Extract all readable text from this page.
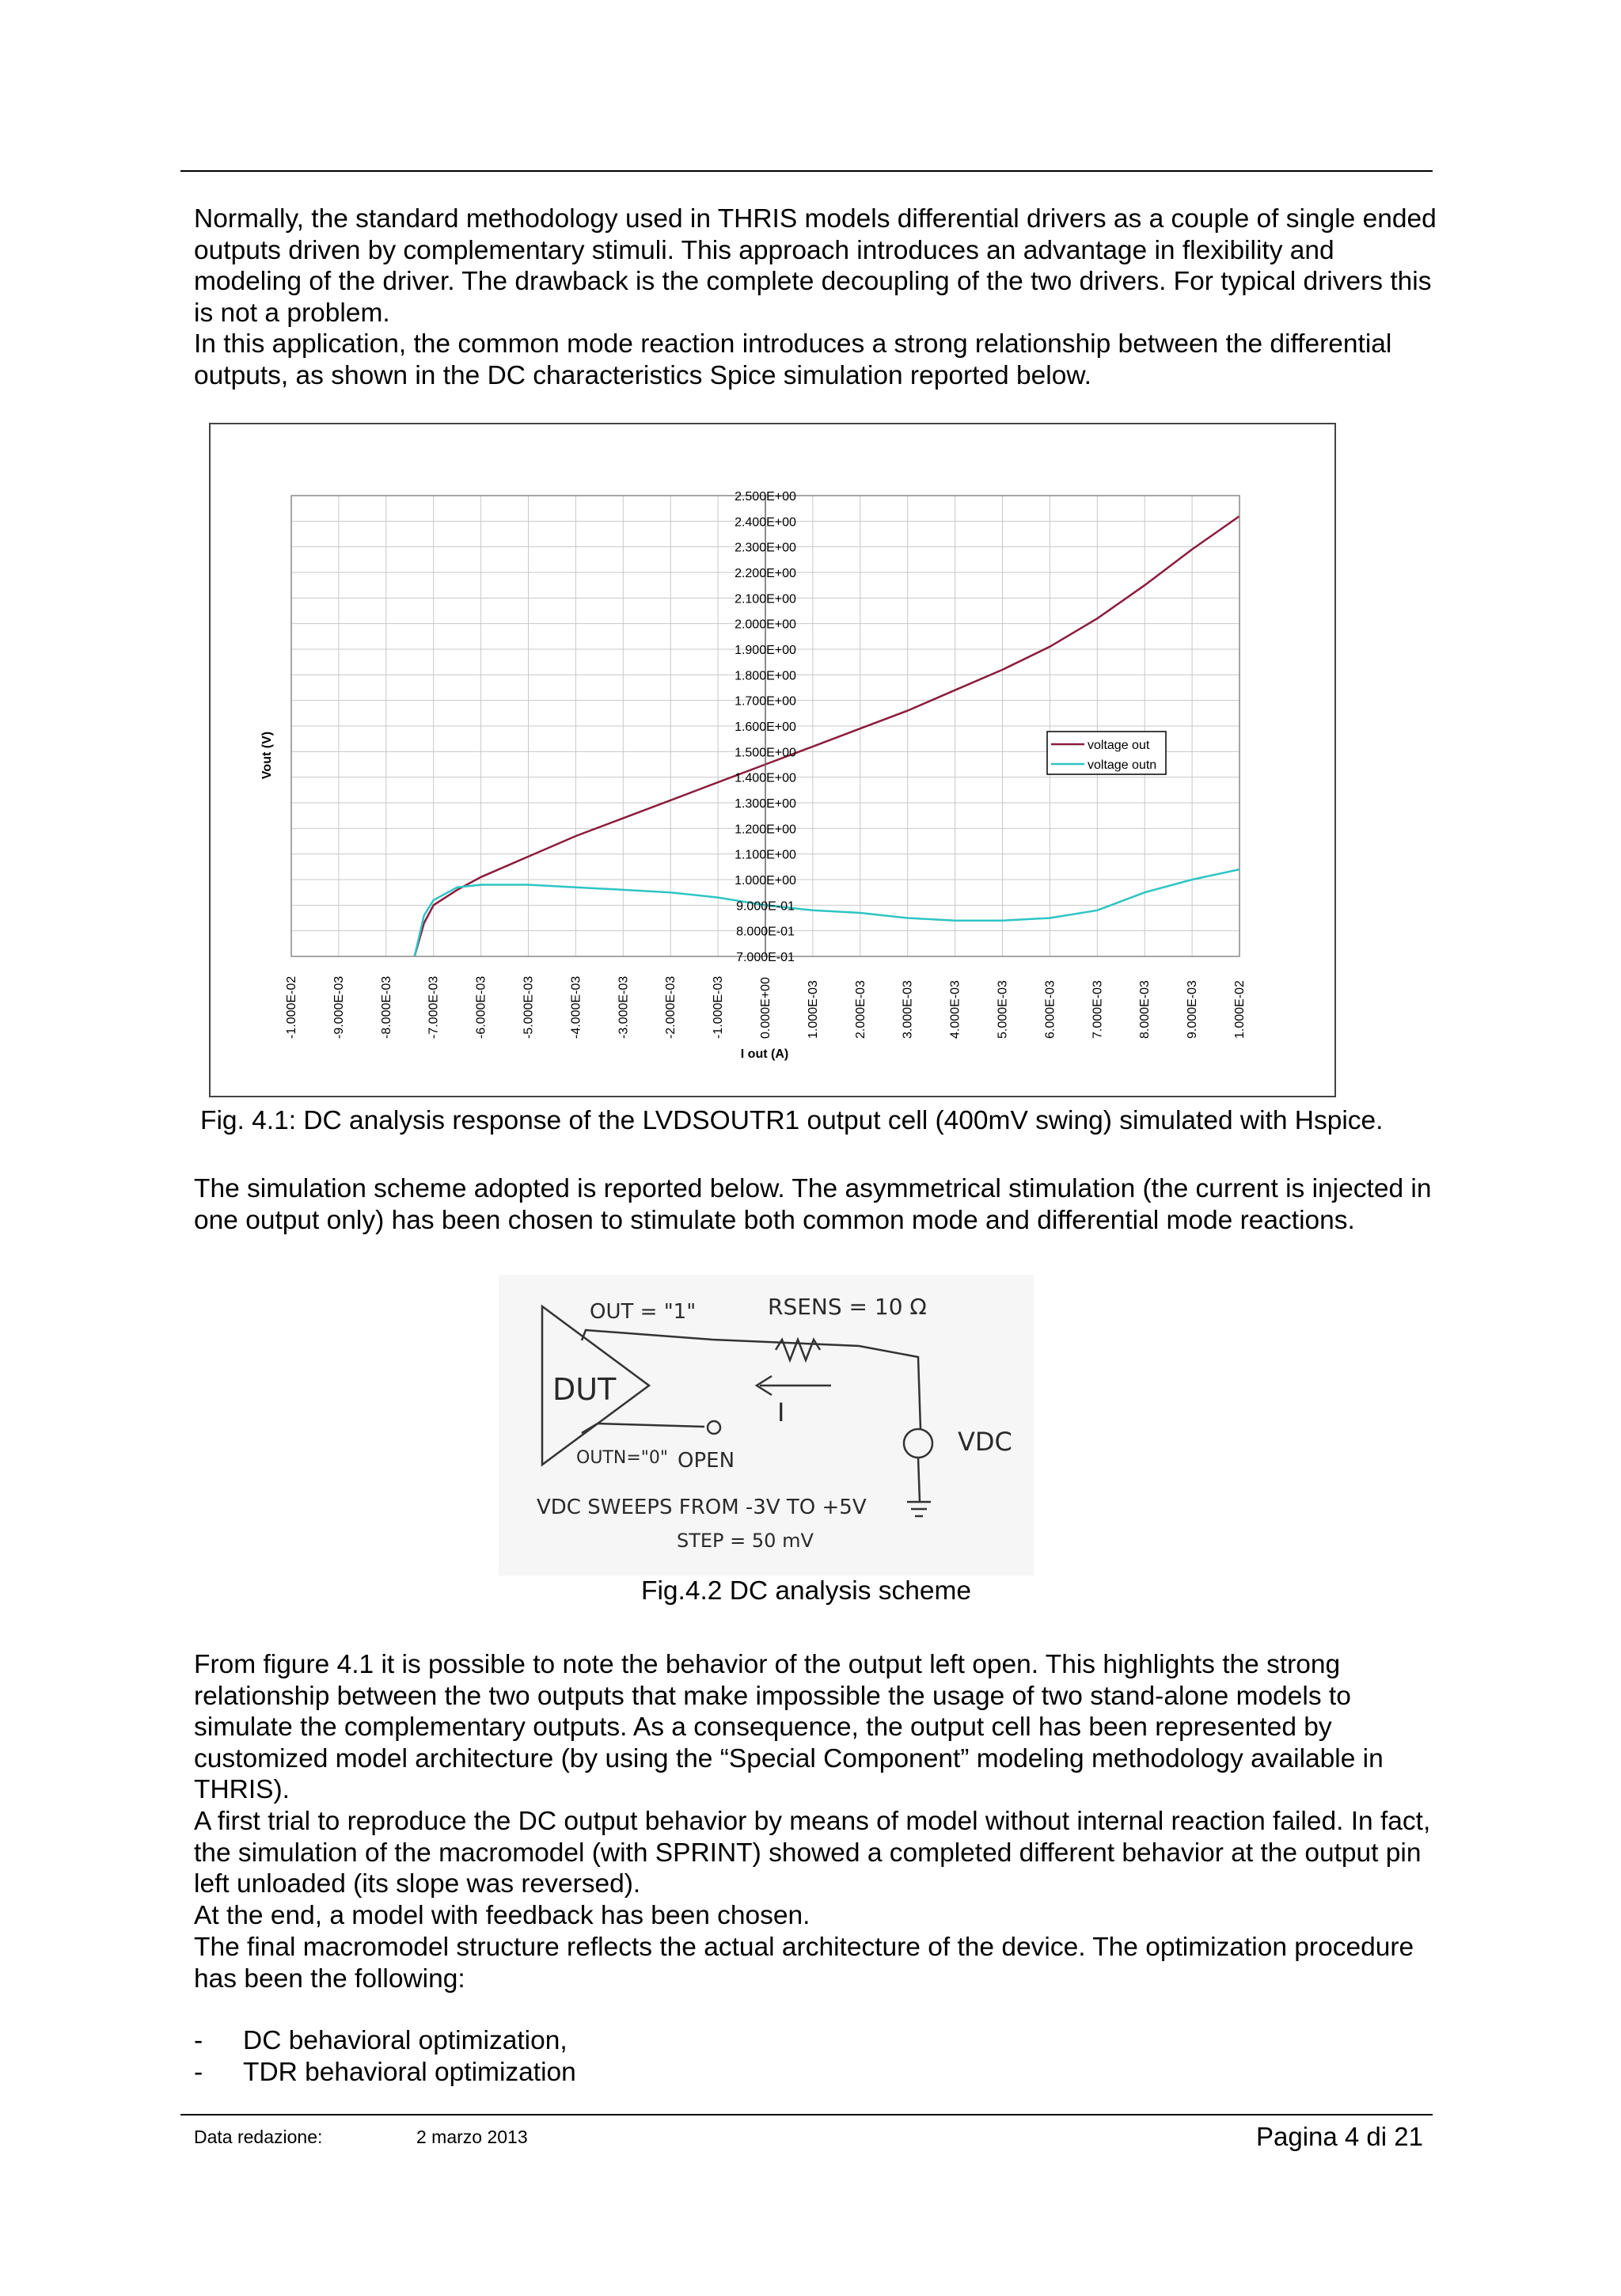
Normally, the standard methodology used in THRIS models differential drivers as a couple of single ended outputs driven by complementary stimuli. This approach introduces an advantage in flexibility and modeling of the driver. The drawback is the complete decoupling of the two drivers. For typical drivers this is not a problem.

In this application, the common mode reaction introduces a strong relationship between the differential outputs, as shown in the DC characteristics Spice simulation reported below.

-1.000E-02	-9.000E-03	-8.000E-03	-7.000E-03	-6.000E-03	-5.000E-03	-4.000E-03	-3.000E-03	-2.000E-03	-1.000E-03	0.000E+00	1.000E-03	2.000E-03	3.000E-03	4.000E-03	5.000E-03	6.000E-03	7.000E-03	8.000E-03	9.000E-03	1.000E-02
7.000E-01
8.000E-01
9.000E-01
1.000E+00
1.100E+00
1.200E+00
1.300E+00
1.400E+00
1.500E+00
1.600E+00
1.700E+00
1.800E+00
1.900E+00
2.000E+00
2.100E+00
2.200E+00
2.300E+00
2.400E+00
2.500E+00
Vout (V)
I out (A)
voltage out
voltage outn
Fig. 4.1: DC analysis response of the LVDSOUTR1 output cell (400mV swing) simulated with Hspice.

The simulation scheme adopted is reported below. The asymmetrical stimulation (the current is injected in one output only) has been chosen to stimulate both common mode and differential mode reactions.

OUT = "1"
DUT
RSENS = 10 Ω
I
VDC
OUTN="0" OPEN
VDC SWEEPS FROM -3V TO +5V
STEP = 50 mV
Fig.4.2 DC analysis scheme

From figure 4.1 it is possible to note the behavior of the output left open. This highlights the strong relationship between the two outputs that make impossible the usage of two stand-alone models to simulate the complementary outputs. As a consequence, the output cell has been represented by customized model architecture (by using the “Special Component” modeling methodology available in THRIS).

A first trial to reproduce the DC output behavior by means of model without internal reaction failed. In fact, the simulation of the macromodel (with SPRINT) showed a completed different behavior at the output pin left unloaded (its slope was reversed).

At the end, a model with feedback has been chosen.

The final macromodel structure reflects the actual architecture of the device. The optimization procedure has been the following:

-	DC behavioral optimization,
-	TDR behavioral optimization
Data redazione:	2 marzo 2013	Pagina 4 di 21
